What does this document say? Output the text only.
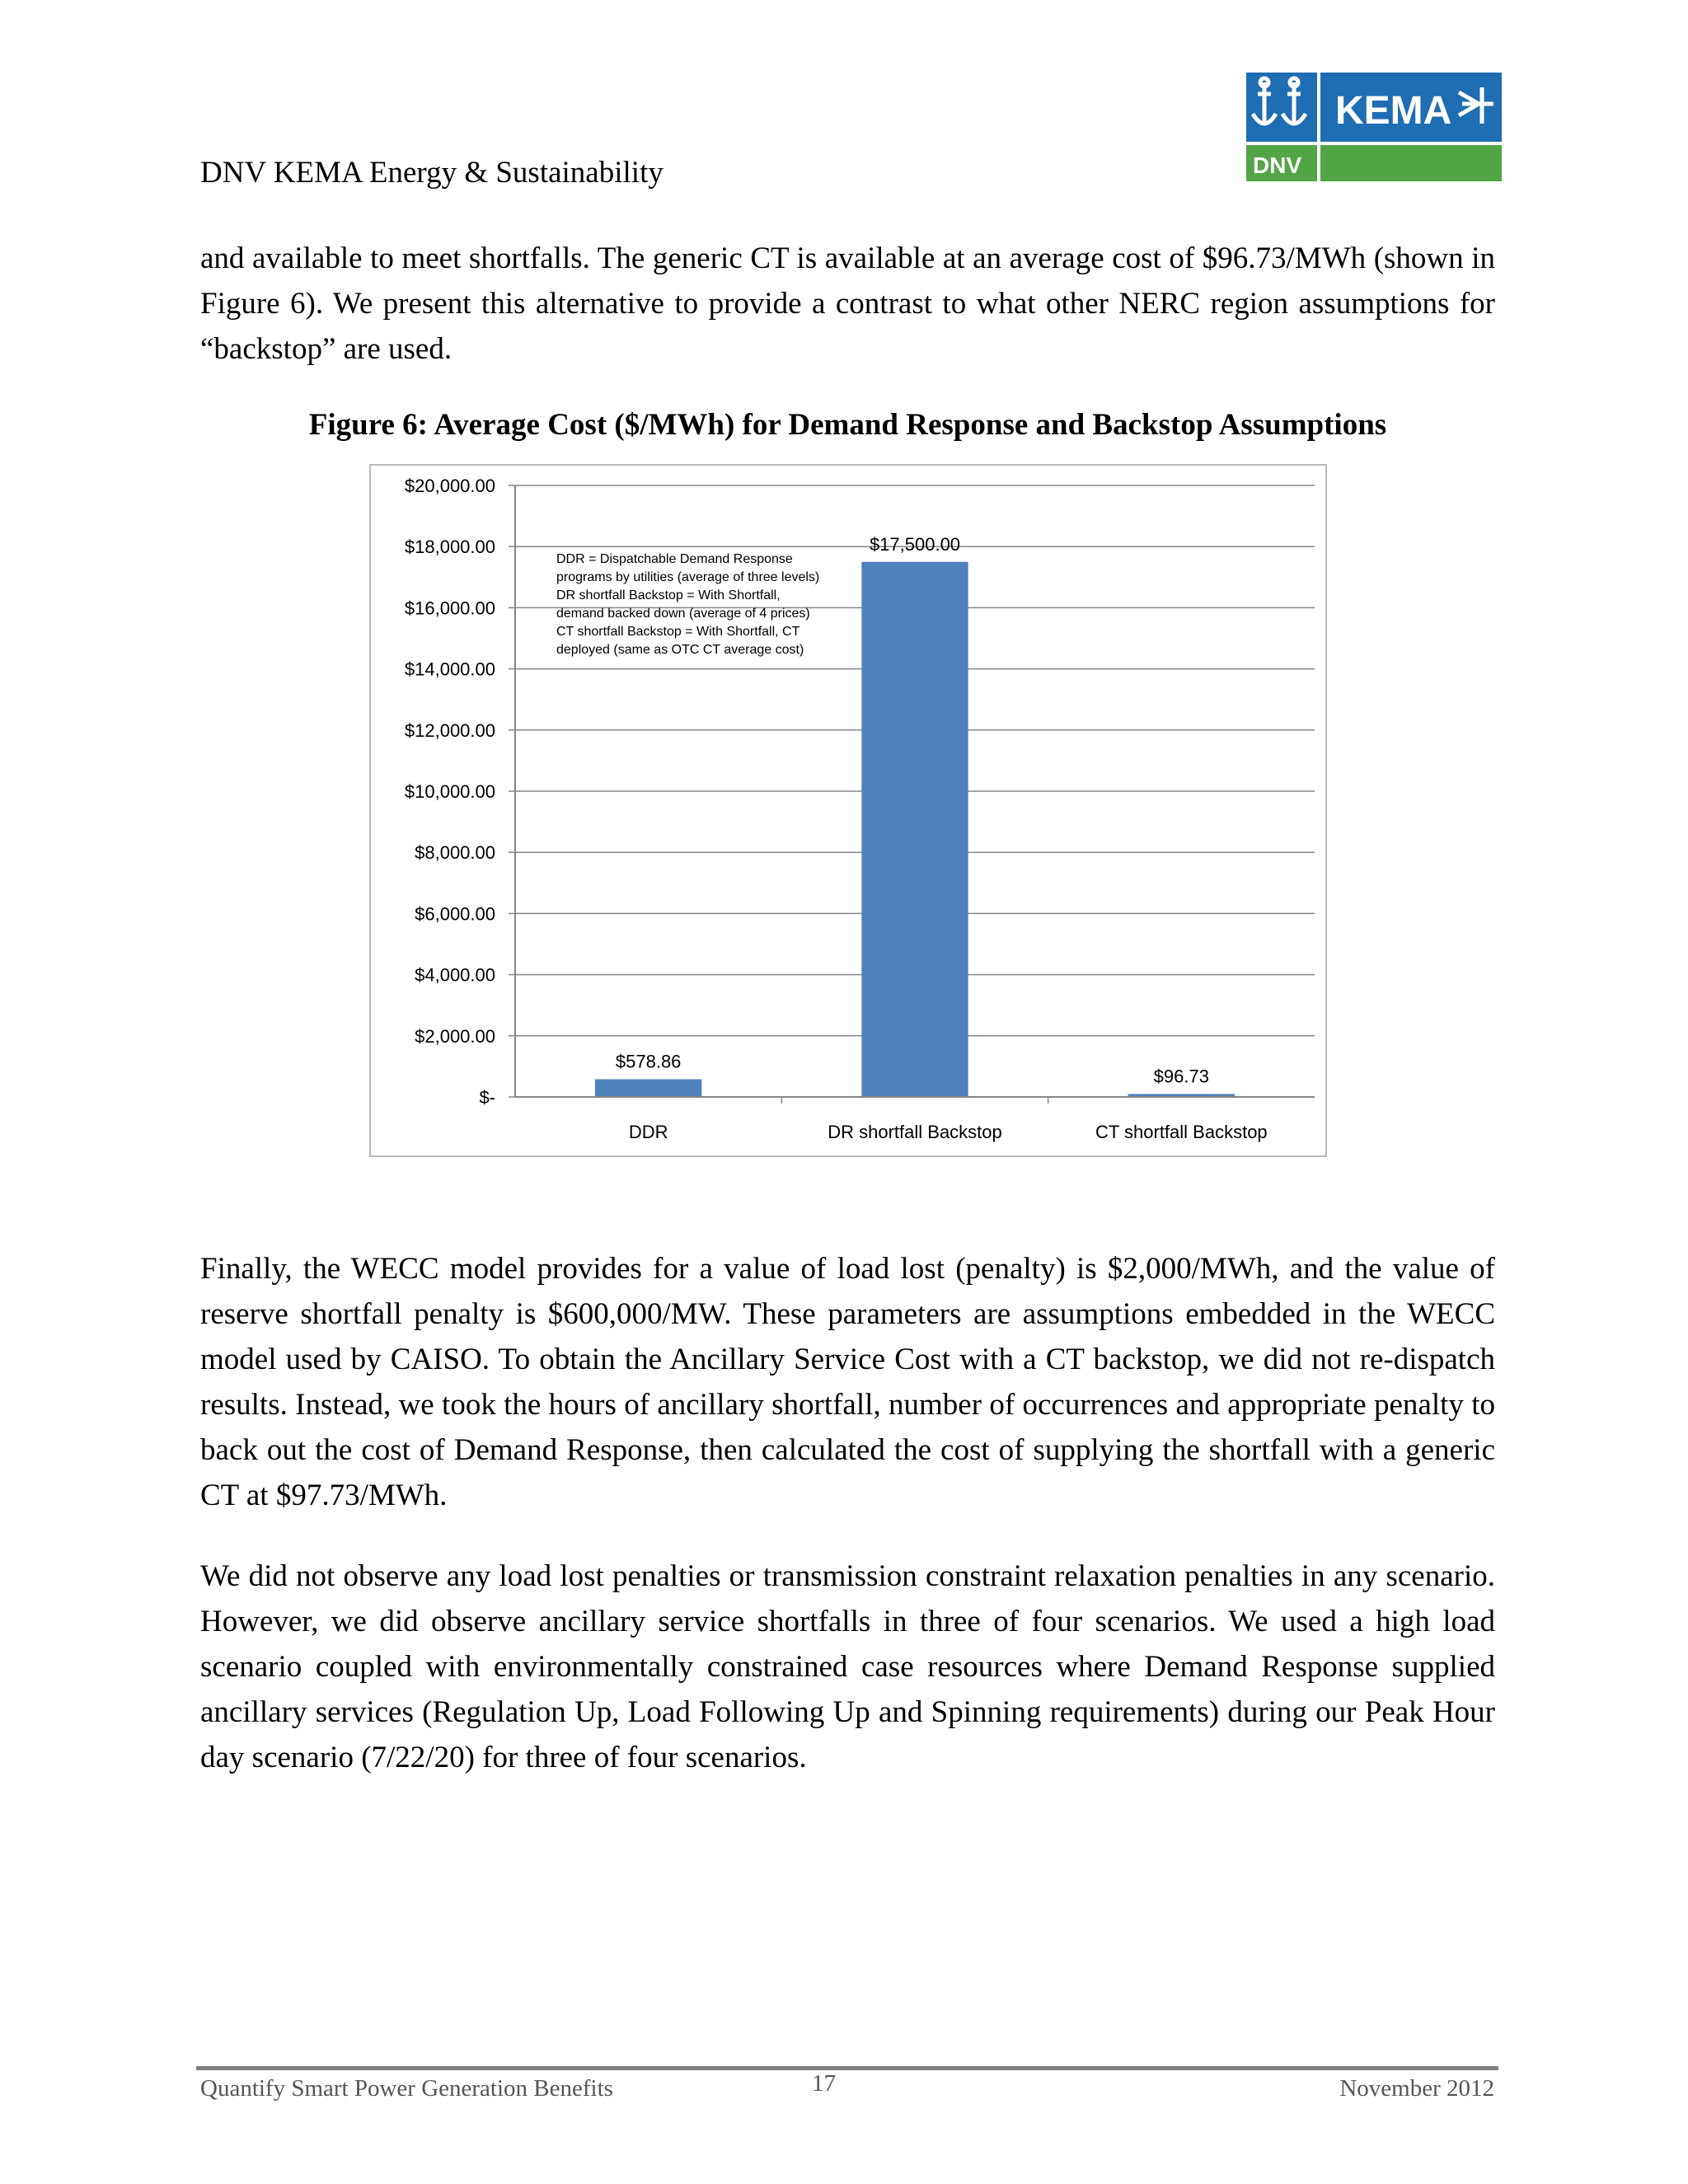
DNV KEMA Energy & Sustainability
KEMA
DNV

and available to meet shortfalls. The generic CT is available at an average cost of $96.73/MWh (shown in Figure 6). We present this alternative to provide a contrast to what other NERC region assumptions for “backstop” are used.

Figure 6: Average Cost ($/MWh) for Demand Response and Backstop Assumptions
$-
$2,000.00
$4,000.00
$6,000.00
$8,000.00
$10,000.00
$12,000.00
$14,000.00
$16,000.00
$18,000.00
$20,000.00
$578.86
$17,500.00
$96.73
DDR	DR shortfall Backstop	CT shortfall Backstop
DDR = Dispatchable Demand Response programs by utilities (average of three levels)
DR shortfall Backstop = With Shortfall, demand backed down (average of 4 prices)
CT shortfall Backstop = With Shortfall, CT deployed (same as OTC CT average cost)

Finally, the WECC model provides for a value of load lost (penalty) is $2,000/MWh, and the value of reserve shortfall penalty is $600,000/MW. These parameters are assumptions embedded in the WECC model used by CAISO. To obtain the Ancillary Service Cost with a CT backstop, we did not re-dispatch results. Instead, we took the hours of ancillary shortfall, number of occurrences and appropriate penalty to back out the cost of Demand Response, then calculated the cost of supplying the shortfall with a generic CT at $97.73/MWh.

We did not observe any load lost penalties or transmission constraint relaxation penalties in any scenario. However, we did observe ancillary service shortfalls in three of four scenarios. We used a high load scenario coupled with environmentally constrained case resources where Demand Response supplied ancillary services (Regulation Up, Load Following Up and Spinning requirements) during our Peak Hour day scenario (7/22/20) for three of four scenarios.

Quantify Smart Power Generation Benefits	17	November 2012
